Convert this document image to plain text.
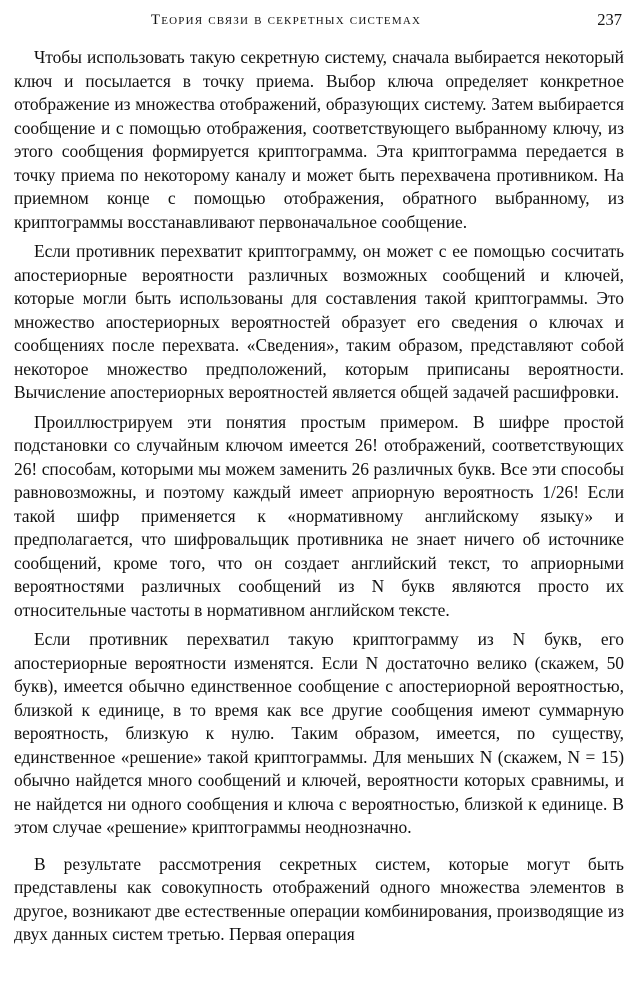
Теория связи в секретных системах	237

Чтобы использовать такую секретную систему, сначала выбирается некоторый ключ и посылается в точку приема. Выбор ключа определяет конкретное отображение из множества отображений, образующих систему. Затем выбирается сообщение и с помощью отображения, соответствующего выбранному ключу, из этого сообщения формируется криптограмма. Эта криптограмма передается в точку приема по некоторому каналу и может быть перехвачена противником. На приемном конце с помощью отображения, обратного выбранному, из криптограммы восстанавливают первоначальное сообщение.

Если противник перехватит криптограмму, он может с ее помощью сосчитать апостериорные вероятности различных возможных сообщений и ключей, которые могли быть использованы для составления такой криптограммы. Это множество апостериорных вероятностей образует его сведения о ключах и сообщениях после перехвата. «Сведения», таким образом, представляют собой некоторое множество предположений, которым приписаны вероятности. Вычисление апостериорных вероятностей является общей задачей расшифровки.

Проиллюстрируем эти понятия простым примером. В шифре простой подстановки со случайным ключом имеется 26! отображений, соответствующих 26! способам, которыми мы можем заменить 26 различных букв. Все эти способы равновозможны, и поэтому каждый имеет априорную вероятность 1/26! Если такой шифр применяется к «нормативному английскому языку» и предполагается, что шифровальщик противника не знает ничего об источнике сообщений, кроме того, что он создает английский текст, то априорными вероятностями различных сообщений из N букв являются просто их относительные частоты в нормативном английском тексте.

Если противник перехватил такую криптограмму из N букв, его апостериорные вероятности изменятся. Если N достаточно велико (скажем, 50 букв), имеется обычно единственное сообщение с апостериорной вероятностью, близкой к единице, в то время как все другие сообщения имеют суммарную вероятность, близкую к нулю. Таким образом, имеется, по существу, единственное «решение» такой криптограммы. Для меньших N (скажем, N = 15) обычно найдется много сообщений и ключей, вероятности которых сравнимы, и не найдется ни одного сообщения и ключа с вероятностью, близкой к единице. В этом случае «решение» криптограммы неоднозначно.

В результате рассмотрения секретных систем, которые могут быть представлены как совокупность отображений одного множества элементов в другое, возникают две естественные операции комбинирования, производящие из двух данных систем третью. Первая операция
